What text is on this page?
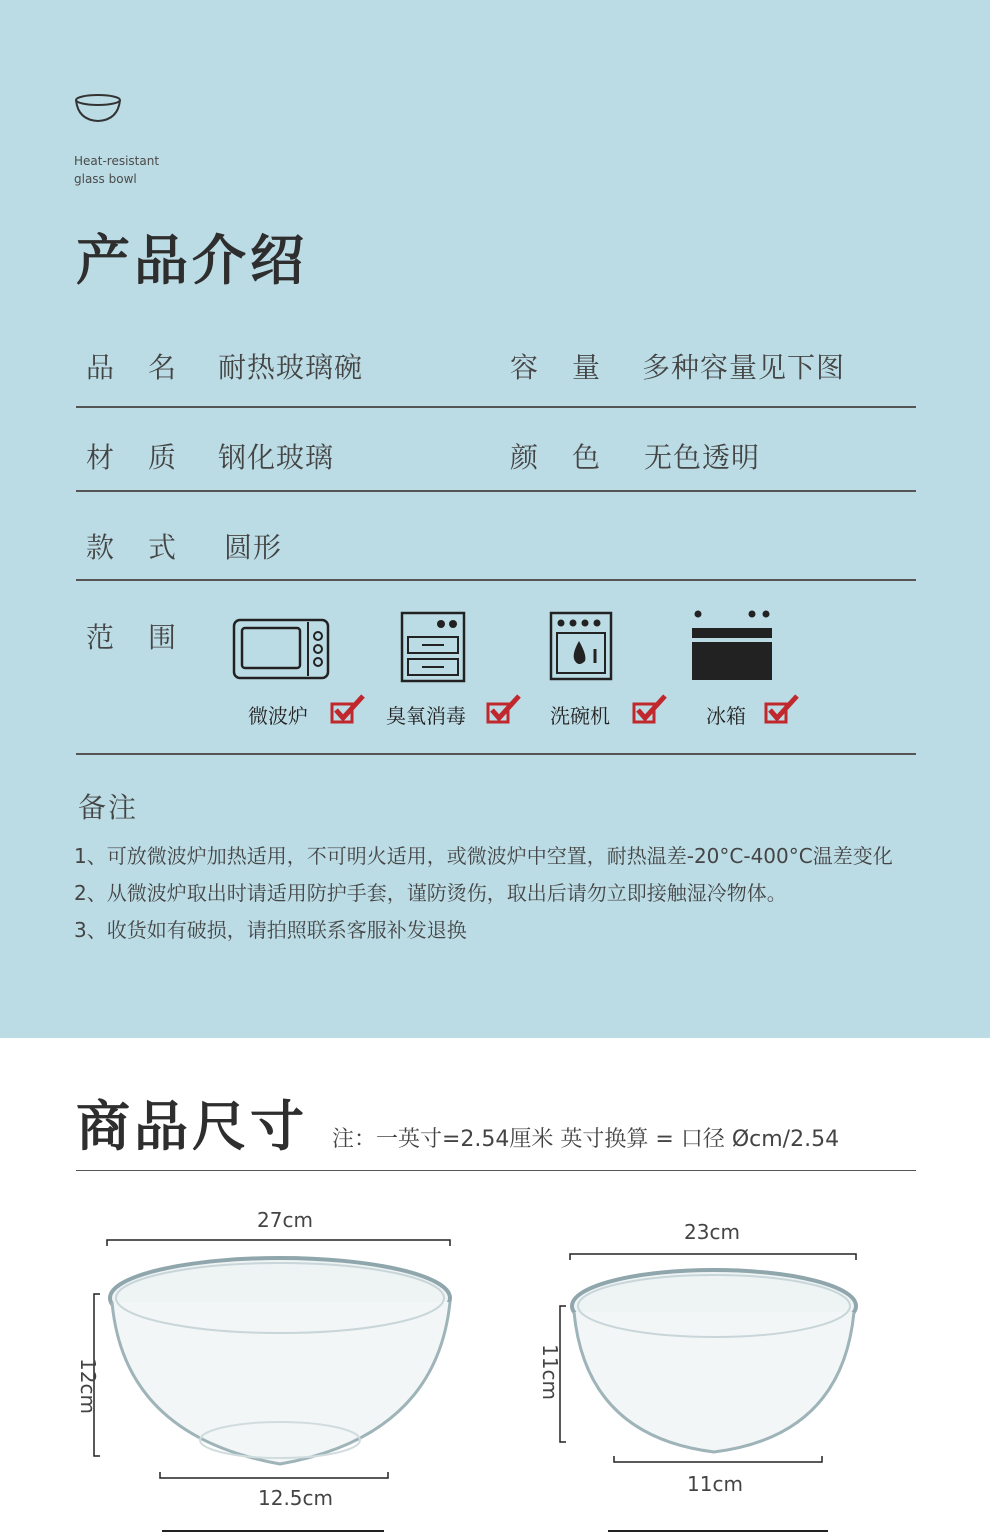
Heat-resistant
glass bowl
产品介绍
品名 耐热玻璃碗	容量 多种容量见下图
材质 钢化玻璃	颜色 无色透明
款式 圆形
范围
微波炉	臭氧消毒	洗碗机	冰箱
备注
1、可放微波炉加热适用，不可明火适用，或微波炉中空置，耐热温差-20°C-400°C温差变化
2、从微波炉取出时请适用防护手套，谨防烫伤，取出后请勿立即接触湿冷物体。
3、收货如有破损，请拍照联系客服补发退换
商品尺寸 注：一英寸=2.54厘米 英寸换算 = 口径 Øcm/2.54
27cm
12cm
12.5cm
23cm
11cm
11cm
